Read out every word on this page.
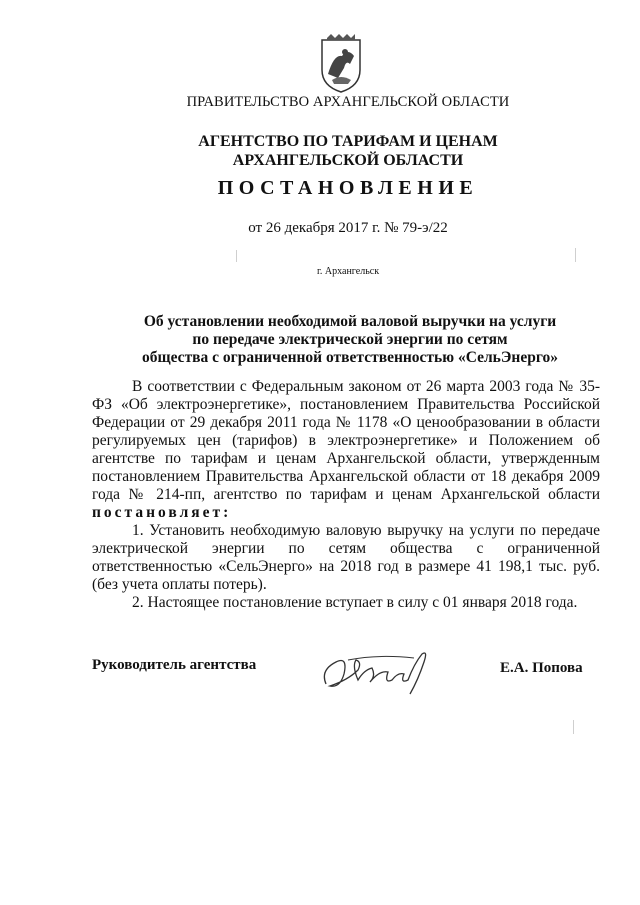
ПРАВИТЕЛЬСТВО АРХАНГЕЛЬСКОЙ ОБЛАСТИ
АГЕНТСТВО ПО ТАРИФАМ И ЦЕНАМ
АРХАНГЕЛЬСКОЙ ОБЛАСТИ
ПОСТАНОВЛЕНИЕ
от 26 декабря 2017 г. № 79-э/22
г. Архангельск
Об установлении необходимой валовой выручки на услуги
по передаче электрической энергии по сетям
общества с ограниченной ответственностью «СельЭнерго»

В соответствии с Федеральным законом от 26 марта 2003 года № 35-ФЗ «Об электроэнергетике», постановлением Правительства Российской Федерации от 29 декабря 2011 года № 1178 «О ценообразовании в области регулируемых цен (тарифов) в электроэнергетике» и Положением об агентстве по тарифам и ценам Архангельской области, утвержденным постановлением Правительства Архангельской области от 18 декабря 2009 года № 214-пп, агентство по тарифам и ценам Архангельской области постановляет:

1. Установить необходимую валовую выручку на услуги по передаче электрической энергии по сетям общества с ограниченной ответственностью «СельЭнерго» на 2018 год в размере 41 198,1 тыс. руб. (без учета оплаты потерь).

2. Настоящее постановление вступает в силу с 01 января 2018 года.

Руководитель агентства	Е.А. Попова
